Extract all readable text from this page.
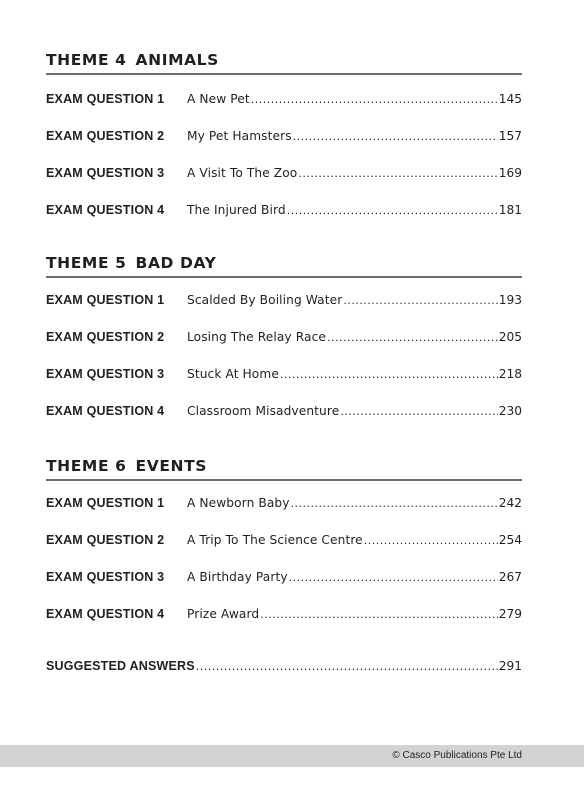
THEME 4 ANIMALS
EXAM QUESTION 1	A New Pet .....	145
EXAM QUESTION 2	My Pet Hamsters .....	157
EXAM QUESTION 3	A Visit To The Zoo .....	169
EXAM QUESTION 4	The Injured Bird .....	181
THEME 5 BAD DAY
EXAM QUESTION 1	Scalded By Boiling Water .....	193
EXAM QUESTION 2	Losing The Relay Race .....	205
EXAM QUESTION 3	Stuck At Home .....	218
EXAM QUESTION 4	Classroom Misadventure .....	230
THEME 6 EVENTS
EXAM QUESTION 1	A Newborn Baby .....	242
EXAM QUESTION 2	A Trip To The Science Centre .....	254
EXAM QUESTION 3	A Birthday Party .....	267
EXAM QUESTION 4	Prize Award .....	279
SUGGESTED ANSWERS .....	291
© Casco Publications Pte Ltd
